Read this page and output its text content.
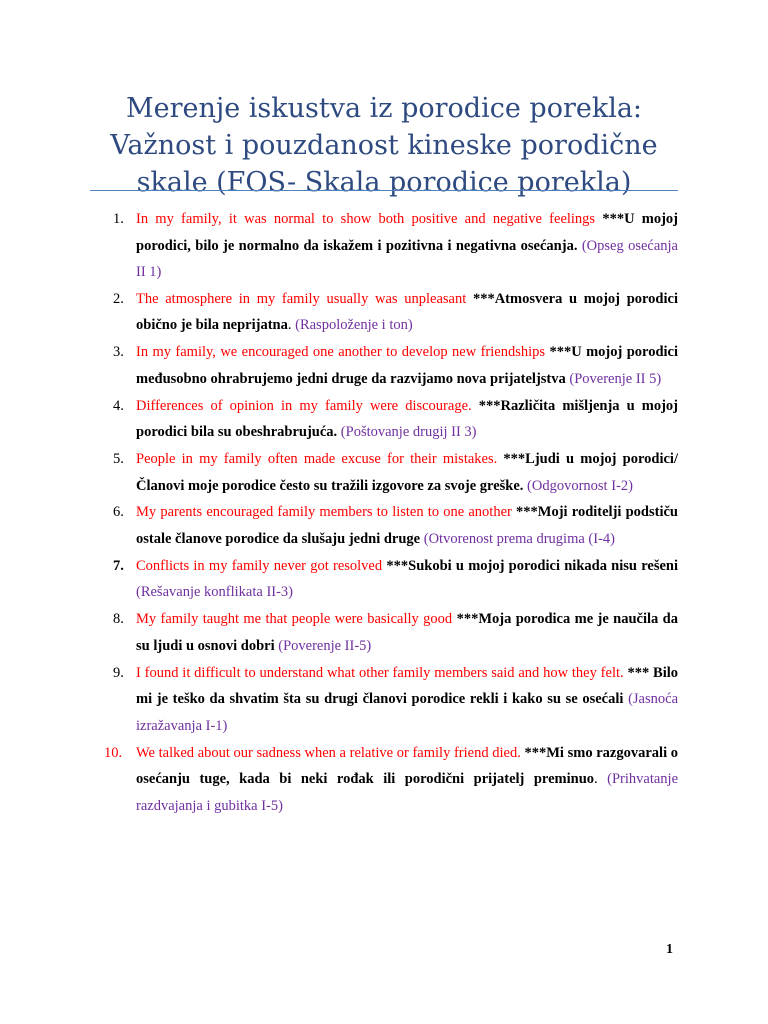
Merenje iskustva iz porodice porekla: Važnost i pouzdanost kineske porodične skale (FOS- Skala porodice porekla)
1. In my family, it was normal to show both positive and negative feelings ***U mojoj porodici, bilo je normalno da iskažem i pozitivna i negativna osećanja. (Opseg osećanja II 1)
2. The atmosphere in my family usually was unpleasant ***Atmosvera u mojoj porodici obično je bila neprijatna. (Raspoloženje i ton)
3. In my family, we encouraged one another to develop new friendships ***U mojoj porodici međusobno ohrabrujemo jedni druge da razvijamo nova prijateljstva (Poverenje II 5)
4. Differences of opinion in my family were discourage. ***Različita mišljenja u mojoj porodici bila su obeshrabrujuća. (Poštovanje drugij II 3)
5. People in my family often made excuse for their mistakes. ***Ljudi u mojoj porodici/Članovi moje porodice često su tražili izgovore za svoje greške. (Odgovornost I-2)
6. My parents encouraged family members to listen to one another ***Moji roditelji podstiču ostale članove porodice da slušaju jedni druge (Otvorenost prema drugima (I-4)
7. Conflicts in my family never got resolved ***Sukobi u mojoj porodici nikada nisu rešeni (Rešavanje konflikata II-3)
8. My family taught me that people were basically good ***Moja porodica me je naučila da su ljudi u osnovi dobri (Poverenje II-5)
9. I found it difficult to understand what other family members said and how they felt. *** Bilo mi je teško da shvatim šta su drugi članovi porodice rekli i kako su se osećali (Jasnoća izražavanja I-1)
10. We talked about our sadness when a relative or family friend died. ***Mi smo razgovarali o osećanju tuge, kada bi neki rođak ili porodični prijatelj preminuo. (Prihvatanje razdvajanja i gubitka I-5)
1
